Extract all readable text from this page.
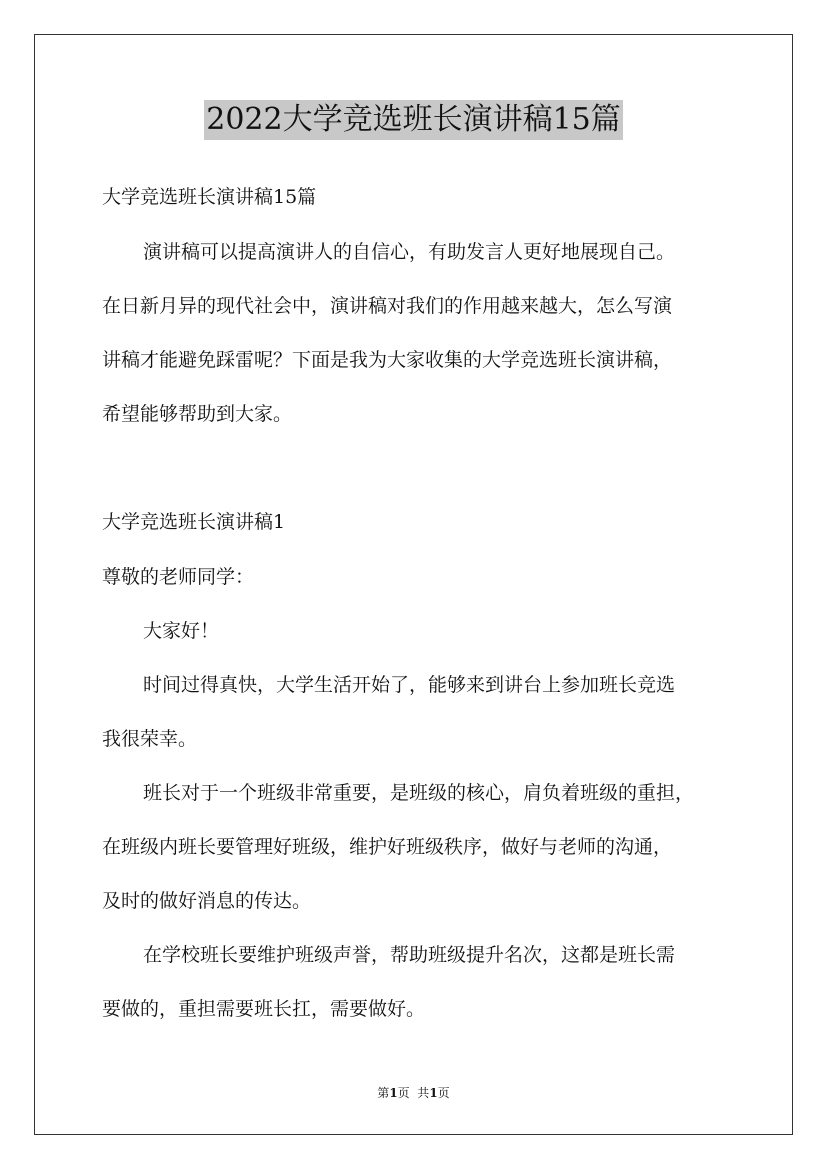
2022大学竞选班长演讲稿15篇
大学竞选班长演讲稿15篇
演讲稿可以提高演讲人的自信心，有助发言人更好地展现自己。
在日新月异的现代社会中，演讲稿对我们的作用越来越大，怎么写演
讲稿才能避免踩雷呢？下面是我为大家收集的大学竞选班长演讲稿，
希望能够帮助到大家。
大学竞选班长演讲稿1
尊敬的老师同学：
大家好！
时间过得真快，大学生活开始了，能够来到讲台上参加班长竞选
我很荣幸。
班长对于一个班级非常重要，是班级的核心，肩负着班级的重担，
在班级内班长要管理好班级，维护好班级秩序，做好与老师的沟通，
及时的做好消息的传达。
在学校班长要维护班级声誉，帮助班级提升名次，这都是班长需
要做的，重担需要班长扛，需要做好。
第1页  共1页
